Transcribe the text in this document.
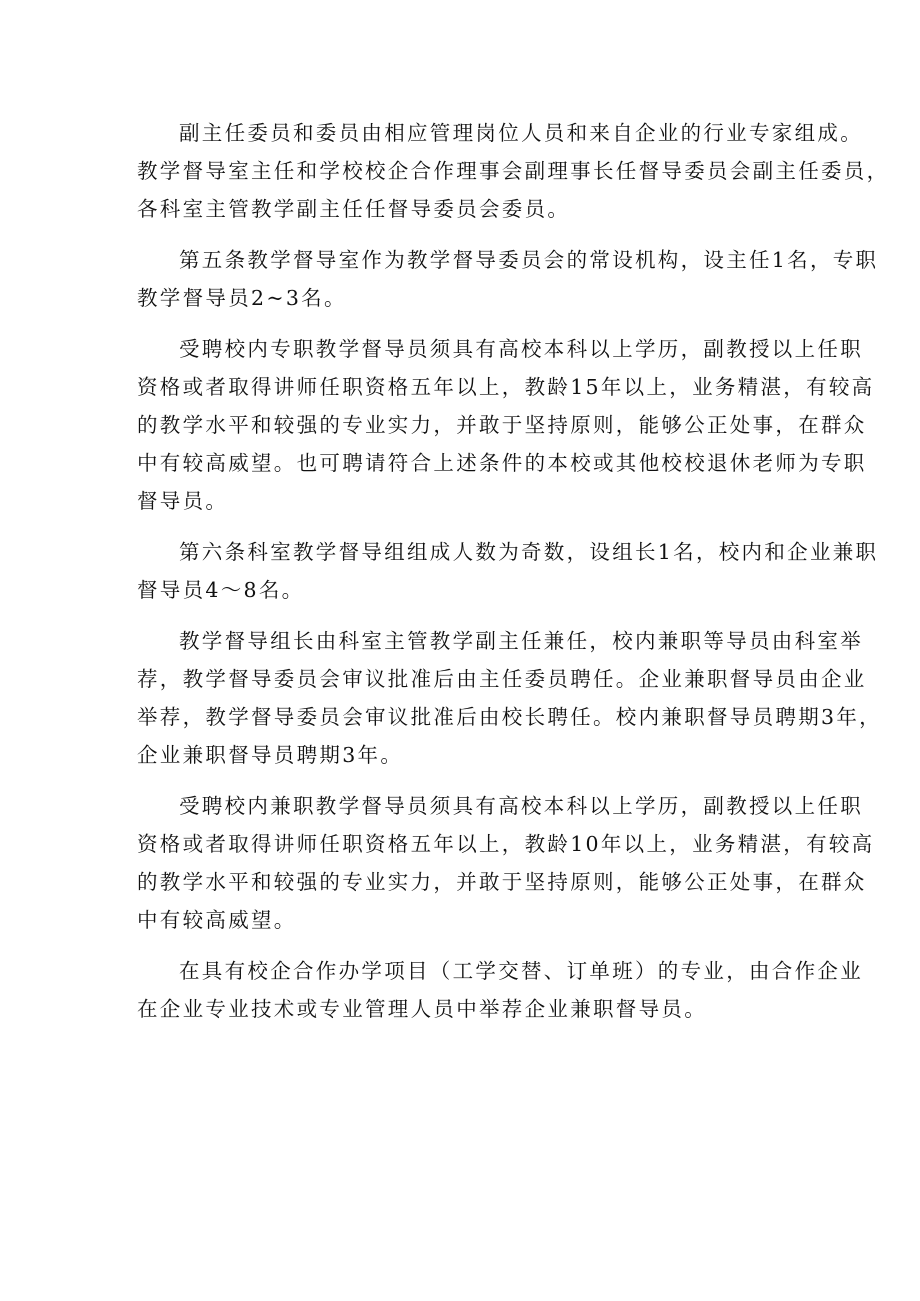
副主任委员和委员由相应管理岗位人员和来自企业的行业专家组成。
教学督导室主任和学校校企合作理事会副理事长任督导委员会副主任委员，
各科室主管教学副主任任督导委员会委员。

第五条教学督导室作为教学督导委员会的常设机构，设主任1名，专职
教学督导员2~3名。

受聘校内专职教学督导员须具有高校本科以上学历，副教授以上任职
资格或者取得讲师任职资格五年以上，教龄15年以上，业务精湛，有较高
的教学水平和较强的专业实力，并敢于坚持原则，能够公正处事，在群众
中有较高威望。也可聘请符合上述条件的本校或其他校校退休老师为专职
督导员。

第六条科室教学督导组组成人数为奇数，设组长1名，校内和企业兼职
督导员4～8名。

教学督导组长由科室主管教学副主任兼任，校内兼职等导员由科室举
荐，教学督导委员会审议批准后由主任委员聘任。企业兼职督导员由企业
举荐，教学督导委员会审议批准后由校长聘任。校内兼职督导员聘期3年，
企业兼职督导员聘期3年。

受聘校内兼职教学督导员须具有高校本科以上学历，副教授以上任职
资格或者取得讲师任职资格五年以上，教龄10年以上，业务精湛，有较高
的教学水平和较强的专业实力，并敢于坚持原则，能够公正处事，在群众
中有较高威望。

在具有校企合作办学项目（工学交替、订单班）的专业，由合作企业
在企业专业技术或专业管理人员中举荐企业兼职督导员。
